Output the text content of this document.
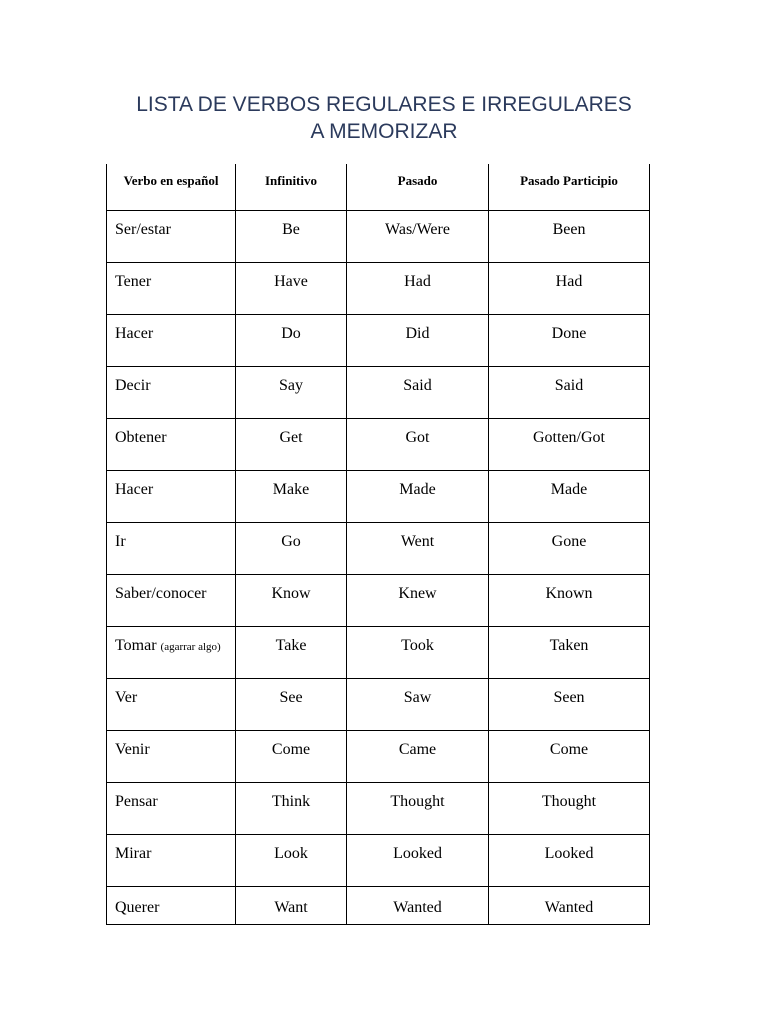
LISTA DE VERBOS REGULARES E IRREGULARES
A MEMORIZAR
Verbo en español	Infinitivo	Pasado	Pasado Participio
Ser/estar	Be	Was/Were	Been
Tener	Have	Had	Had
Hacer	Do	Did	Done
Decir	Say	Said	Said
Obtener	Get	Got	Gotten/Got
Hacer	Make	Made	Made
Ir	Go	Went	Gone
Saber/conocer	Know	Knew	Known
Tomar (agarrar algo)	Take	Took	Taken
Ver	See	Saw	Seen
Venir	Come	Came	Come
Pensar	Think	Thought	Thought
Mirar	Look	Looked	Looked
Querer	Want	Wanted	Wanted
